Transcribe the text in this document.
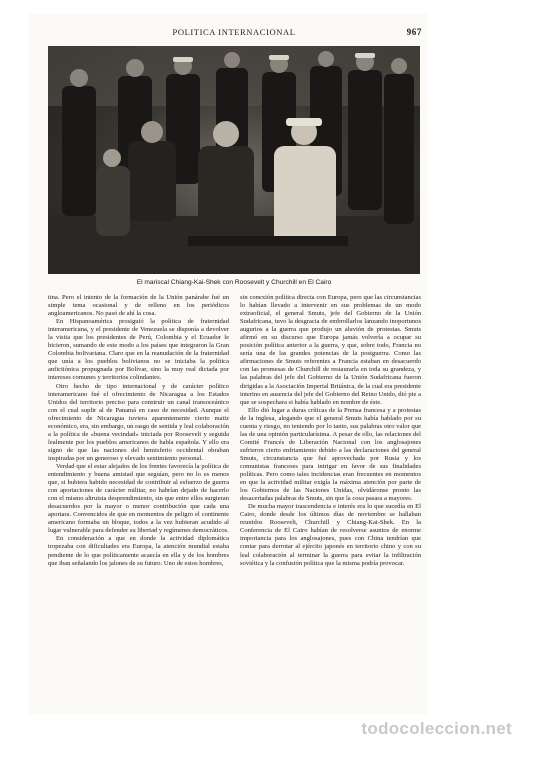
POLITICA INTERNACIONAL	967
El mariscal Chiang-Kai-Shek con Roosevelt y Churchill en El Cairo

tina. Pero el intento de la formación de la Unión panárabe fué un simple tema ocasional y de relleno en los periódicos angloamericanos. No pasó de ahí la cosa.

En Hispanoamérica prosiguió la política de fraternidad interamericana, y el presidente de Venezuela se disponía a devolver la visita que los presidentes de Perú, Colombia y el Ecuador le hicieron, sumando de este modo a los países que integraron la Gran Colombia bolivariana. Claro que en la reanudación de la fraternidad que unía a los pueblos bolivianos no se iniciaba la política anfictiónica propugnada por Bolívar, sino la muy real dictada por intereses comunes y territorios colindantes.

Otro hecho de tipo internacional y de carácter político interamericano fué el ofrecimiento de Nicaragua a los Estados Unidos del territorio preciso para construir un canal transoceánico con el cual suplir al de Panamá en caso de necesidad. Aunque el ofrecimiento de Nicaragua tuviera aparentemente cierto matiz económico, era, sin embargo, un rasgo de sentida y leal colaboración a la política de «buena vecindad» iniciada por Roosevelt y seguida lealmente por los pueblos americanos de habla española. Y ello era signo de que las naciones del hemisferio occidental obraban inspiradas por un generoso y elevado sentimiento personal.

Verdad que el estar alejados de los frentes favorecía la política de entendimiento y buena amistad que seguían, pero no lo es menos que, si hubiera habido necesidad de contribuir al esfuerzo de guerra con aportaciones de carácter militar, no habrían dejado de hacerlo con el mismo altruista desprendimiento, sin que entre ellos surgieran desacuerdos por la mayor o menor contribución que cada una aportara. Convencidos de que en momentos de peligro el continente americano formaba un bloque, todos a la vez hubieran acudido al lugar vulnerable para defender su libertad y regímenes democráticos.

En consideración a que en donde la actividad diplomática tropezaba con dificultades era Europa, la atención mundial estaba pendiente de lo que políticamente acaecía en ella y de los hombres que iban señalando los jalones de su futuro. Uno de estos hombres,

sin conexión política directa con Europa, pero que las circunstancias lo habían llevado a intervenir en sus problemas de un modo extraoficial, el general Smuts, jefe del Gobierno de la Unión Sudafricana, tuvo la desgracia de embrollarlos lanzando inoportunos augurios a la guerra que produjo un aluvión de protestas. Smuts afirmó en su discurso que Europa jamás volvería a ocupar su posición política anterior a la guerra, y que, sobre todo, Francia no sería una de las grandes potencias de la postguerra. Como las afirmaciones de Smuts referentes a Francia estaban en desacuerdo con las promesas de Churchill de restaurarla en toda su grandeza, y las palabras del jefe del Gobierno de la Unión Sudafricana fueron dirigidas a la Asociación Imperial Británica, de la cual era presidente interino en ausencia del jefe del Gobierno del Reino Unido, dió pie a que se sospechara si había hablado en nombre de éste.

Ello dió lugar a duras críticas de la Prensa francesa y a protestas de la inglesa, alegando que el general Smuts había hablado por su cuenta y riesgo, no teniendo por lo tanto, sus palabras otro valor que las de una opinión particularísima. A pesar de ello, las relaciones del Comité Francés de Liberación Nacional con los anglosajones sufrieron cierto enfriamiento debido a las declaraciones del general Smuts, circunstancia que fué aprovechada por Rusia y los comunistas franceses para intrigar en favor de sus finalidades políticas. Pero como tales incidencias eran frecuentes en momentos en que la actividad militar exigía la máxima atención por parte de los Gobiernos de las Naciones Unidas, olvidáronse pronto las desacertadas palabras de Smuts, sin que la cosa pasara a mayores.

De mucha mayor trascendencia e interés era lo que sucedía en El Cairo, donde desde los últimos días de noviembre se hallaban reunidos Roosevelt, Churchill y Chiang-Kai-Shek. En la Conferencia de El Cairo habían de resolverse asuntos de enorme importancia para los anglosajones, pues con China tendrían que contar para derrotar al ejército japonés en territorio chino y con su leal colaboración al terminar la guerra para evitar la infiltración soviética y la confusión política que la misma podría provocar.

todocoleccion.net
